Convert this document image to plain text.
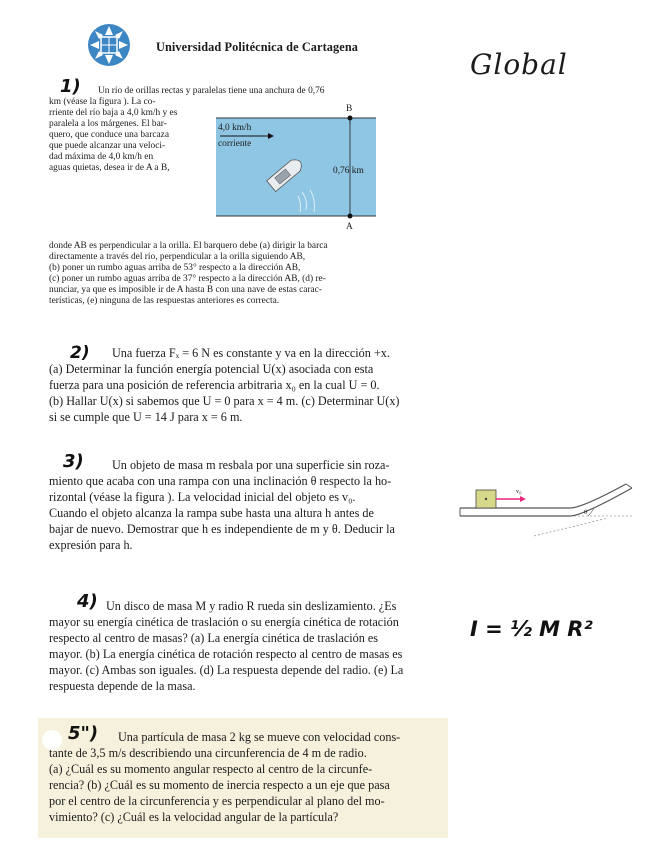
Universidad Politécnica de Cartagena
Global
1) Un río de orillas rectas y paralelas tiene una anchura de 0,76
km (véase la figura ). La co-
rriente del río baja a 4,0 km/h y es
paralela a los márgenes. El bar-
quero, que conduce una barcaza
que puede alcanzar una veloci-
dad máxima de 4,0 km/h en
aguas quietas, desea ir de A a B,
B
A
4,0 km/h
corriente
0,76 km
donde AB es perpendicular a la orilla. El barquero debe (a) dirigir la barca
directamente a través del río, perpendicular a la orilla siguiendo AB,
(b) poner un rumbo aguas arriba de 53° respecto a la dirección AB,
(c) poner un rumbo aguas arriba de 37° respecto a la dirección AB, (d) re-
nunciar, ya que es imposible ir de A hasta B con una nave de estas carac-
terísticas, (e) ninguna de las respuestas anteriores es correcta.
2) Una fuerza Fₓ = 6 N es constante y va en la dirección +x.
(a) Determinar la función energía potencial U(x) asociada con esta
fuerza para una posición de referencia arbitraria x₀ en la cual U = 0.
(b) Hallar U(x) si sabemos que U = 0 para x = 4 m. (c) Determinar U(x)
si se cumple que U = 14 J para x = 6 m.
3) Un objeto de masa m resbala por una superficie sin roza-
miento que acaba con una rampa con una inclinación θ respecto la ho-
rizontal (véase la figura ). La velocidad inicial del objeto es v₀.
Cuando el objeto alcanza la rampa sube hasta una altura h antes de
bajar de nuevo. Demostrar que h es independiente de m y θ. Deducir la
expresión para h.
v₀
θ
4) Un disco de masa M y radio R rueda sin deslizamiento. ¿Es
mayor su energía cinética de traslación o su energía cinética de rotación
respecto al centro de masas? (a) La energía cinética de traslación es
mayor. (b) La energía cinética de rotación respecto al centro de masas es
mayor. (c) Ambas son iguales. (d) La respuesta depende del radio. (e) La
respuesta depende de la masa.
I = ½ M R²
5") Una partícula de masa 2 kg se mueve con velocidad cons-
tante de 3,5 m/s describiendo una circunferencia de 4 m de radio.
(a) ¿Cuál es su momento angular respecto al centro de la circunfe-
rencia? (b) ¿Cuál es su momento de inercia respecto a un eje que pasa
por el centro de la circunferencia y es perpendicular al plano del mo-
vimiento? (c) ¿Cuál es la velocidad angular de la partícula?
